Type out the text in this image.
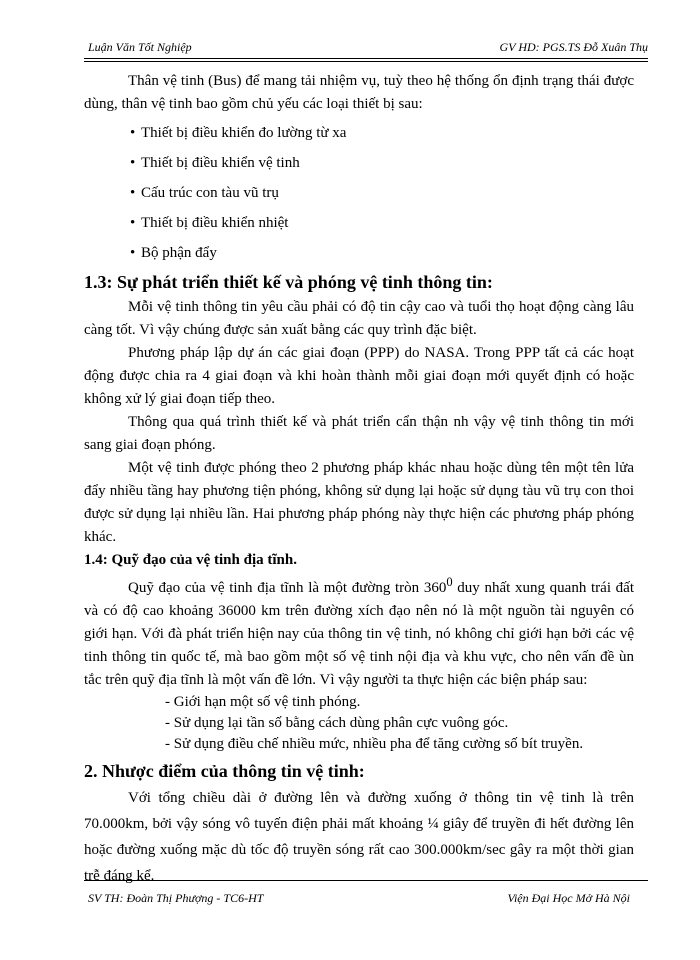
Luận Văn Tốt Nghiệp	GV HD: PGS.TS Đỗ Xuân Thụ

Thân vệ tinh (Bus) để mang tải nhiệm vụ, tuỳ theo hệ thống ổn định trạng thái được dùng, thân vệ tinh bao gồm chủ yếu các loại thiết bị sau:

• Thiết bị điều khiển đo lường từ xa
• Thiết bị điều khiển vệ tinh
• Cấu trúc con tàu vũ trụ
• Thiết bị điều khiển nhiệt
• Bộ phận đẩy
1.3: Sự phát triển thiết kế và phóng vệ tinh thông tin:

Mỗi vệ tinh thông tin yêu cầu phải có độ tin cậy cao và tuổi thọ hoạt động càng lâu càng tốt. Vì vậy chúng được sản xuất bằng các quy trình đặc biệt.

Phương pháp lập dự án các giai đoạn (PPP) do NASA. Trong PPP tất cả các hoạt động được chia ra 4 giai đoạn và khi hoàn thành mỗi giai đoạn mới quyết định có hoặc không xử lý giai đoạn tiếp theo.

Thông qua quá trình thiết kế và phát triển cẩn thận nh vậy vệ tinh thông tin mới sang giai đoạn phóng.

Một vệ tinh được phóng theo 2 phương pháp khác nhau hoặc dùng tên một tên lửa đẩy nhiều tầng hay phương tiện phóng, không sử dụng lại hoặc sử dụng tàu vũ trụ con thoi được sử dụng lại nhiều lần. Hai phương pháp phóng này thực hiện các phương pháp phóng khác.

1.4: Quỹ đạo của vệ tinh địa tĩnh.

Quỹ đạo của vệ tinh địa tĩnh là một đường tròn $360^0$ duy nhất xung quanh trái đất và có độ cao khoảng 36000 km trên đường xích đạo nên nó là một nguồn tài nguyên có giới hạn. Với đà phát triển hiện nay của thông tin vệ tinh, nó không chỉ giới hạn bởi các vệ tinh thông tin quốc tế, mà bao gồm một số vệ tinh nội địa và khu vực, cho nên vấn đề ùn tắc trên quỹ địa tĩnh là một vấn đề lớn. Vì vậy người ta thực hiện các biện pháp sau:

- Giới hạn một số vệ tinh phóng.
- Sử dụng lại tần số bằng cách dùng phân cực vuông góc.
- Sử dụng điều chế nhiều mức, nhiều pha để tăng cường số bít truyền.
2. Nhược điểm của thông tin vệ tinh:

Với tổng chiều dài ở đường lên và đường xuống ở thông tin vệ tinh là trên 70.000km, bởi vậy sóng vô tuyến điện phải mất khoảng ¼ giây để truyền đi hết đường lên hoặc đường xuống mặc dù tốc độ truyền sóng rất cao 300.000km/sec gây ra một thời gian trễ đáng kể.

SV TH: Đoàn Thị Phượng - TC6-HT	Viện Đại Học Mở Hà Nội
